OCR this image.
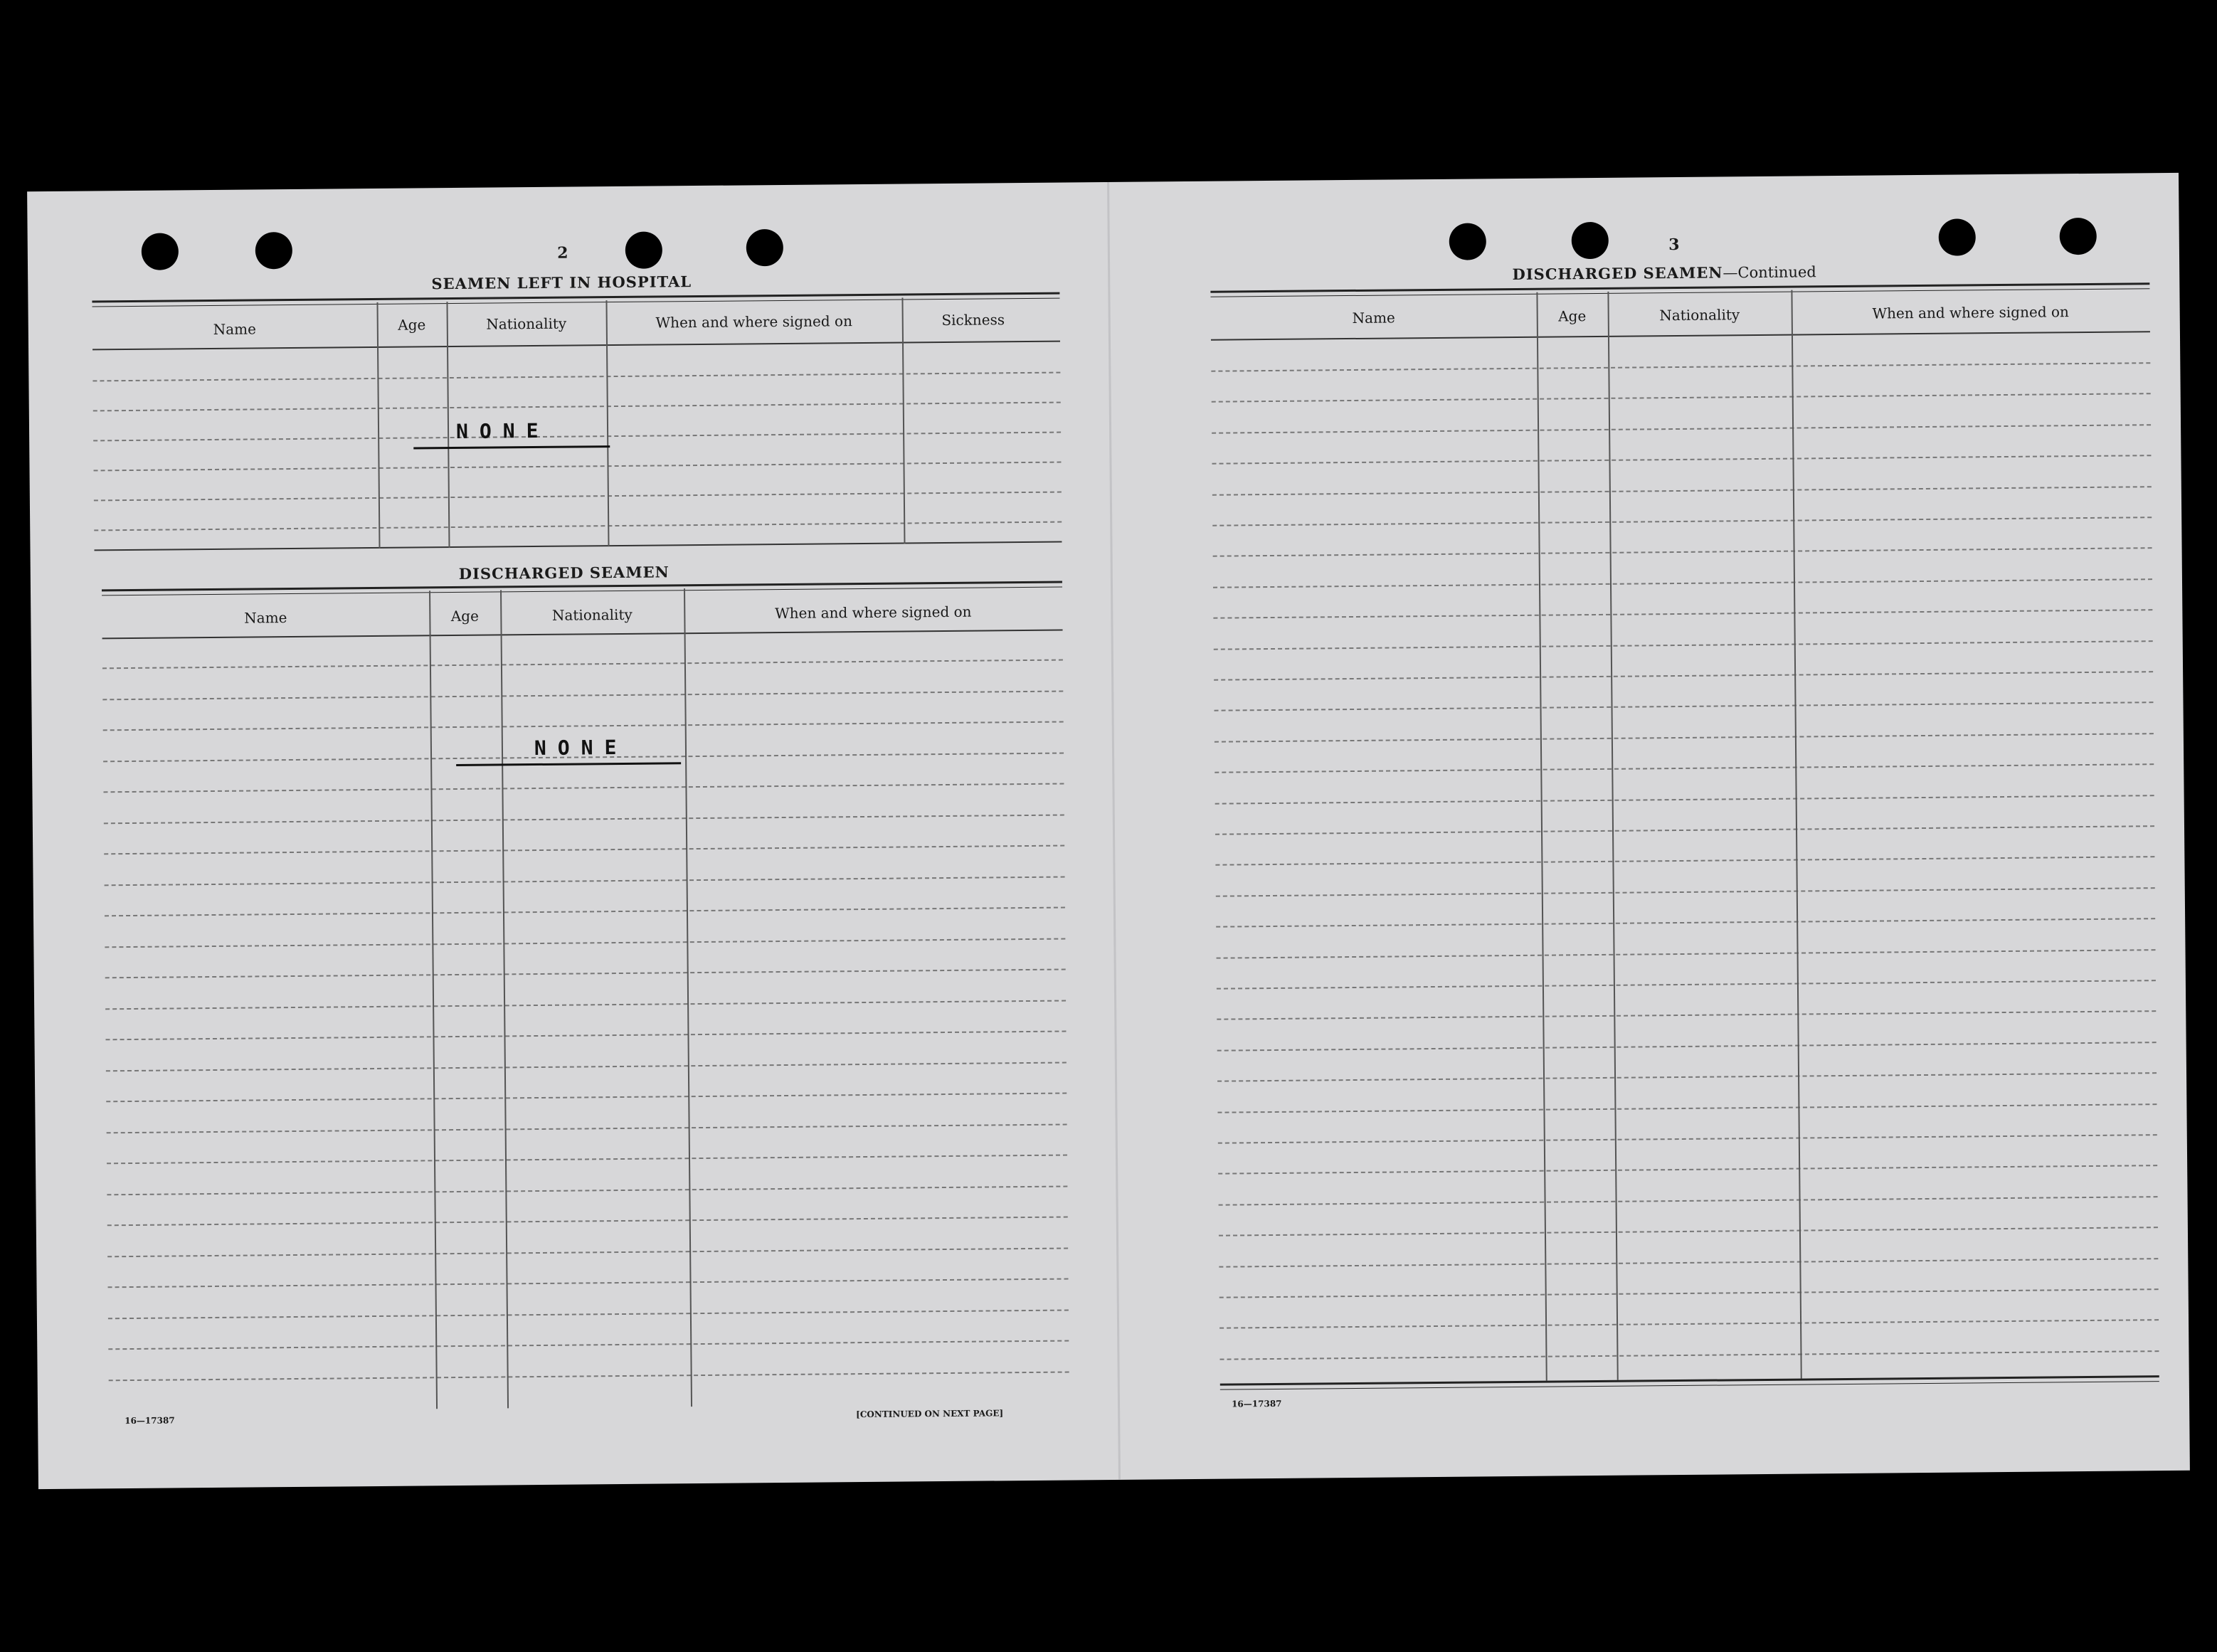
2
SEAMEN LEFT IN HOSPITAL
Name	Age	Nationality	When and where signed on	Sickness
NONE
DISCHARGED SEAMEN
Name	Age	Nationality	When and where signed on
NONE
16—17387
[CONTINUED ON NEXT PAGE]
3
DISCHARGED SEAMEN—Continued
Name	Age	Nationality	When and where signed on
16—17387
